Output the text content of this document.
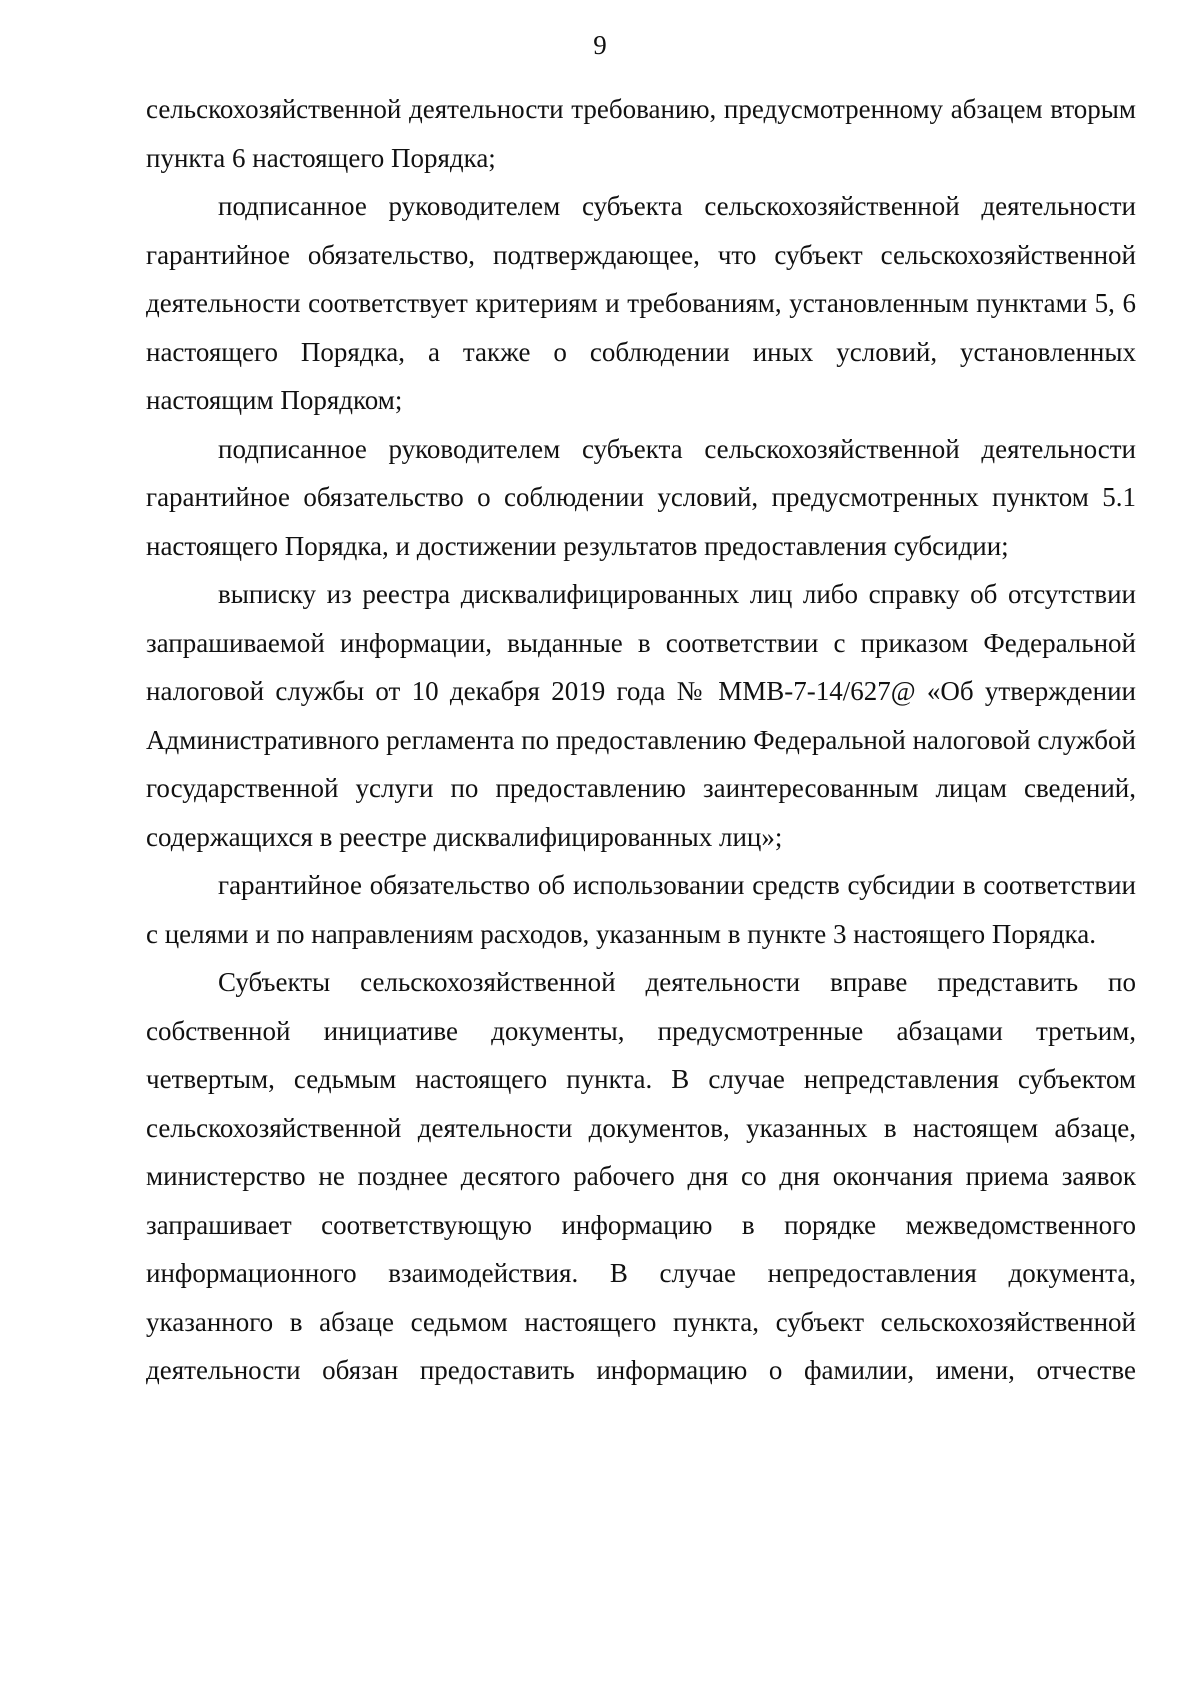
9

сельскохозяйственной деятельности требованию, предусмотренному абзацем вторым пункта 6 настоящего Порядка;

подписанное руководителем субъекта сельскохозяйственной деятельности гарантийное обязательство, подтверждающее, что субъект сельскохозяйственной деятельности соответствует критериям и требованиям, установленным пунктами 5, 6 настоящего Порядка, а также о соблюдении иных условий, установленных настоящим Порядком;

подписанное руководителем субъекта сельскохозяйственной деятельности гарантийное обязательство о соблюдении условий, предусмотренных пунктом 5.1 настоящего Порядка, и достижении результатов предоставления субсидии;

выписку из реестра дисквалифицированных лиц либо справку об отсутствии запрашиваемой информации, выданные в соответствии с приказом Федеральной налоговой службы от 10 декабря 2019 года № ММВ-7-14/627@ «Об утверждении Административного регламента по предоставлению Федеральной налоговой службой государственной услуги по предоставлению заинтересованным лицам сведений, содержащихся в реестре дисквалифицированных лиц»;

гарантийное обязательство об использовании средств субсидии в соответствии с целями и по направлениям расходов, указанным в пункте 3 настоящего Порядка.

Субъекты сельскохозяйственной деятельности вправе представить по собственной инициативе документы, предусмотренные абзацами третьим, четвертым, седьмым настоящего пункта. В случае непредставления субъектом сельскохозяйственной деятельности документов, указанных в настоящем абзаце, министерство не позднее десятого рабочего дня со дня окончания приема заявок запрашивает соответствующую информацию в порядке межведомственного информационного взаимодействия. В случае непредоставления документа, указанного в абзаце седьмом настоящего пункта, субъект сельскохозяйственной деятельности обязан предоставить информацию о фамилии, имени, отчестве
